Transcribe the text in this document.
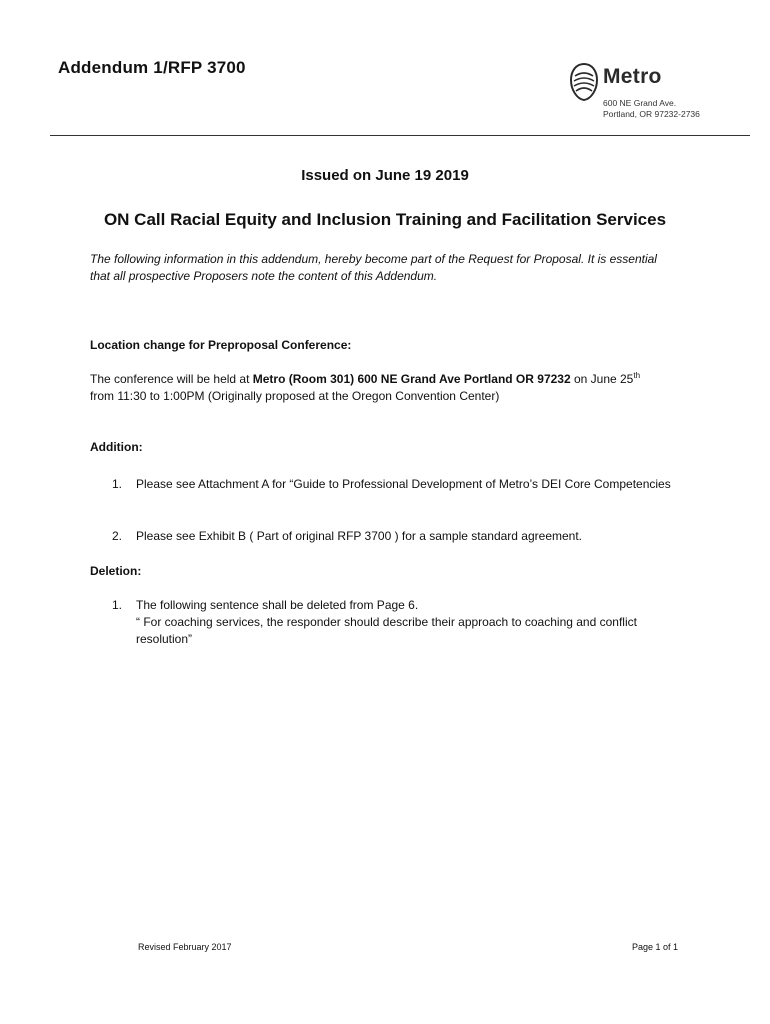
Addendum 1/RFP 3700	Metro
600 NE Grand Ave.
Portland, OR 97232-2736
Issued on June 19 2019
ON Call Racial Equity and Inclusion Training and Facilitation Services
The following information in this addendum, hereby become part of the Request for Proposal. It is essential that all prospective Proposers note the content of this Addendum.
Location change for Preproposal Conference:
The conference will be held at Metro (Room 301) 600 NE Grand Ave Portland OR 97232 on June 25th
from 11:30 to 1:00PM (Originally proposed at the Oregon Convention Center)
Addition:
1. Please see Attachment A for “Guide to Professional Development of Metro’s DEI Core Competencies
2. Please see Exhibit B ( Part of original RFP 3700 ) for a sample standard agreement.
Deletion:
1. The following sentence shall be deleted from Page 6.
“ For coaching services, the responder should describe their approach to coaching and conflict resolution”
Revised February 2017	Page 1 of 1
